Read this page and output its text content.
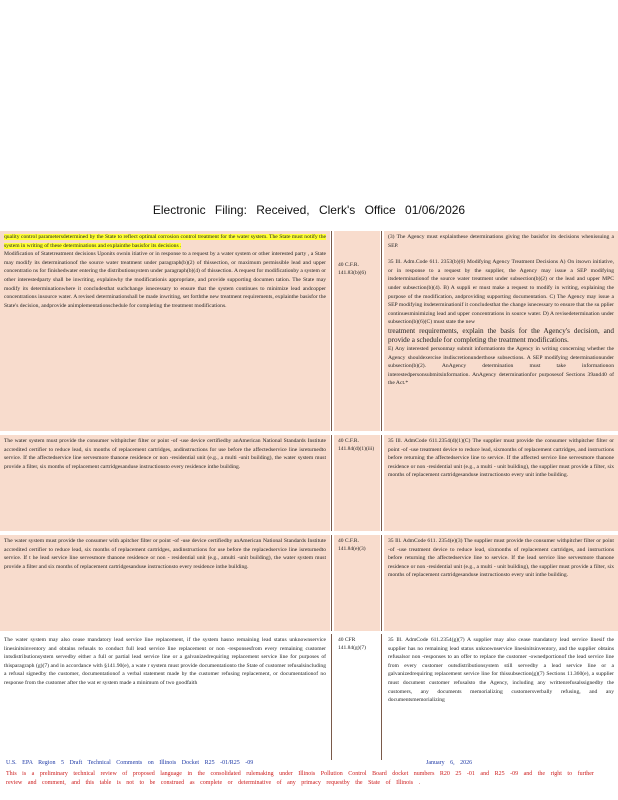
Electronic Filing: Received, Clerk's Office 01/06/2026

quality control parametersdetermined by the State to reflect optimal corrosion control treatment for the water system. The State must notify the system in writing of these determinations and explainthe basisfor its decisions .

Modification of Statetreatment decisions Uponits ownin itiative or in response to a request by a water system or other interested party , a State may modify its determinationof the source water treatment under paragraph(b)(2) of thissection, or maximum permissible lead and upper concentratio ns for finishedwater entering the distributionsystem under paragraph(b)(4) of thissection. A request for modificationby a system or other interestedparty shall be inwriting, explainwhy the modificationis appropriate, and provide supporting documen tation. The State may modify its determinationwhere it concludesthat suchchange isnecessary to ensure that the system continues to minimize lead andcopper concentrations insource water. A revised determinationshall be made inwriting, set forththe new treatment requirements, explainthe basisfor the State's decision, andprovide animplementationschedule for completing the treatment modifications.

40 C.F.R. 141.83(b)(6)

(3) The Agency must explainthese determinations giving the basisfor its decisions whenissuing a SEP.

35 Ill. Adm.Code 611. 2353(b)(6) Modifying Agency Treatment Decisions A) On itsown initiative, or in response to a request by the supplier, the Agency may issue a SEP modifying itsdeterminationof the source water treatment under subsection(b)(2) or the lead and upper MPC under subsection(b)(4). B) A suppli er must make a request to modify in writing, explaining the purpose of the modification, andproviding supporting documentation. C) The Agency may issue a SEP modifying itsdeterminationif it concludesthat the change isnecessary to ensure that the su pplier continuesminimizing lead and upper concentrations in source water. D) A revisedetermination under subsection(b)(6)(C) must state the new

treatment requirements, explain the basis for the Agency's decision, and provide a schedule for completing the treatment modifications.

E) Any interested personmay submit informationto the Agency in writing concerning whether the Agency shouldexercise itsdiscretionunderthose subsections. A SEP modifying determinationunder subsection(b)(2). AnAgency determination must take informationon interestedpersonsubmitsinformation. AnAgency determinationfor purposesof Sections 39and40 of the Act.*

The water system must provide the consumer withpitcher filter or point -of -use device certifiedby anAmerican National Standards Institute accredited certifier to reduce lead, six months of replacement cartridges, andinstructions for use before the affectedservice line isreturnedto service. If the affectedservice line servesmore thanone residence or non -residential unit (e.g., a multi -unit building), the water system must provide a filter, six months of replacement cartridgesanduse instructionsto every residence inthe building.

40 C.F.R. 141.84(d)(1)(iii)

35 Ill. AdmCode 611.2354(d)(1)(C) The supplier must provide the consumer withpitcher filter or point -of -use treatment device to reduce lead, sixmonths of replacement cartridges, and instructions before returning the affectedservice line to service. If the affected service line servesmore thanone residence or non -residential unit (e.g., a multi - unit building), the supplier must provide a filter, six months of replacement cartridgesanduse instructionsto every unit inthe building.

The water system must provide the consumer with apitcher filter or point -of -use device certifiedby anAmerican National Standards Institute accredited certifier to reduce lead, six months of replacement cartridges, andinstructions for use before the replacedservice line isreturnedto service. If t he lead service line servesmore thanone residence or non - residential unit (e.g., amulti -unit building), the water system must provide a filter and six months of replacement cartridgesanduse instructionsto every residence inthe building.

40 C.F.R. 141.84(e)(3)

35 Ill. AdmCode 611. 2354(e)(3) The supplier must provide the consumer withpitcher filter or point -of -use treatment device to reduce lead, sixmonths of replacement cartridges, and instructions before returning the affectedservice line to service. If the lead service line servesmore thanone residence or non -residential unit (e.g., a multi - unit building), the supplier must provide a filter, six months of replacement cartridgesanduse instructionsto every unit inthe building.

The water system may also cease mandatory lead service line replacement, if the system hasno remaining lead status unknownservice linesinitsinventory and obtains refusals to conduct full lead service line replacement or non -responsesfrom every remaining customer intsdistributionsystem servedby either a full or partial lead service line or a galvanizedrequiring replacement service line for purposes of thisparagraph (g)(7) and in accordance with §141.90(e), a wate r system must provide documentationto the State of customer refusalsincluding a refusal signedby the customer, documentationof a verbal statement made by the customer refusing replacement, or documentationof no response from the customer after the wat er system made a minimum of two goodfaith

40 CFR 141.84(g)(7)

35 Ill. AdmCode 611.2354(g)(7) A supplier may also cease mandatory lead service linesif the supplier has no remaining lead status unknownservice linesinitsinventory, and the supplier obtains refusalsor non -responses to an offer to replace the customer -ownedportionof the lead service line from every customer outsdistributionsystem still servedby a lead service line or a galvanizedrequiring replacement service line for thissubsection(g)(7) Sections 11.360(e), a supplier must document customer refusalsto the Agency, including any writtenrefusalssignedby the customers, any documents memorializing customersverbally refusing, and any documentsmemorializing

U.S. EPA Region 5 Draft Technical Comments on Illinois Docket R25 -01/R25 -09	January 6, 2026
This is a preliminary technical review of proposed language in the consolidated rulemaking under Illinois Pollution Control Board docket numbers R20 25 -01 and R25 -09 and the right to further review and comment, and this table is not to be construed as complete or determinative of any primacy requestby the State of Illinois .
